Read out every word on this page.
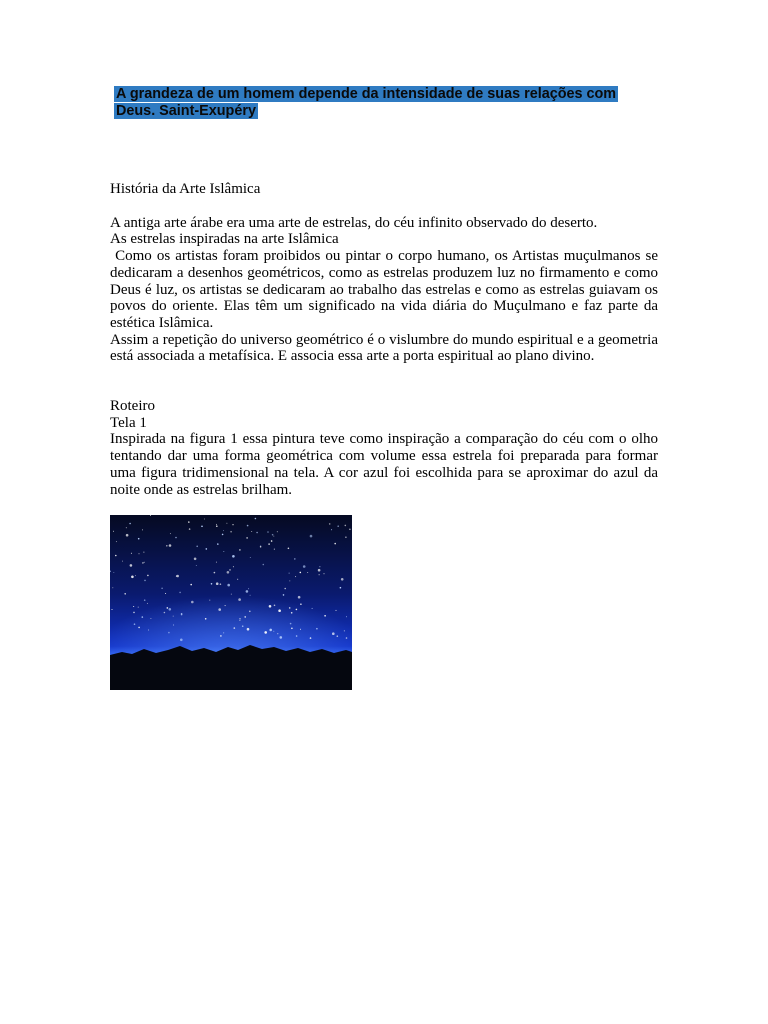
A grandeza de um homem depende da intensidade de suas relações com Deus. Saint-Exupéry
História da Arte Islâmica

A antiga arte árabe era uma arte de estrelas, do céu infinito observado do deserto.

As estrelas inspiradas na arte Islâmica

Como os artistas foram proibidos ou pintar o corpo humano, os Artistas muçulmanos se dedicaram a desenhos geométricos, como as estrelas produzem luz no firmamento e como Deus é luz, os artistas se dedicaram ao trabalho das estrelas e como as estrelas guiavam os povos do oriente. Elas têm um significado na vida diária do Muçulmano e faz parte da estética Islâmica.

Assim a repetição do universo geométrico é o vislumbre do mundo espiritual e a geometria está associada a metafísica. E associa essa arte a porta espiritual ao plano divino.

Roteiro

Tela 1

Inspirada na figura 1 essa pintura teve como inspiração a comparação do céu com o olho tentando dar uma forma geométrica com volume essa estrela foi preparada para formar uma figura tridimensional na tela. A cor azul foi escolhida para se aproximar do azul da noite onde as estrelas brilham.
